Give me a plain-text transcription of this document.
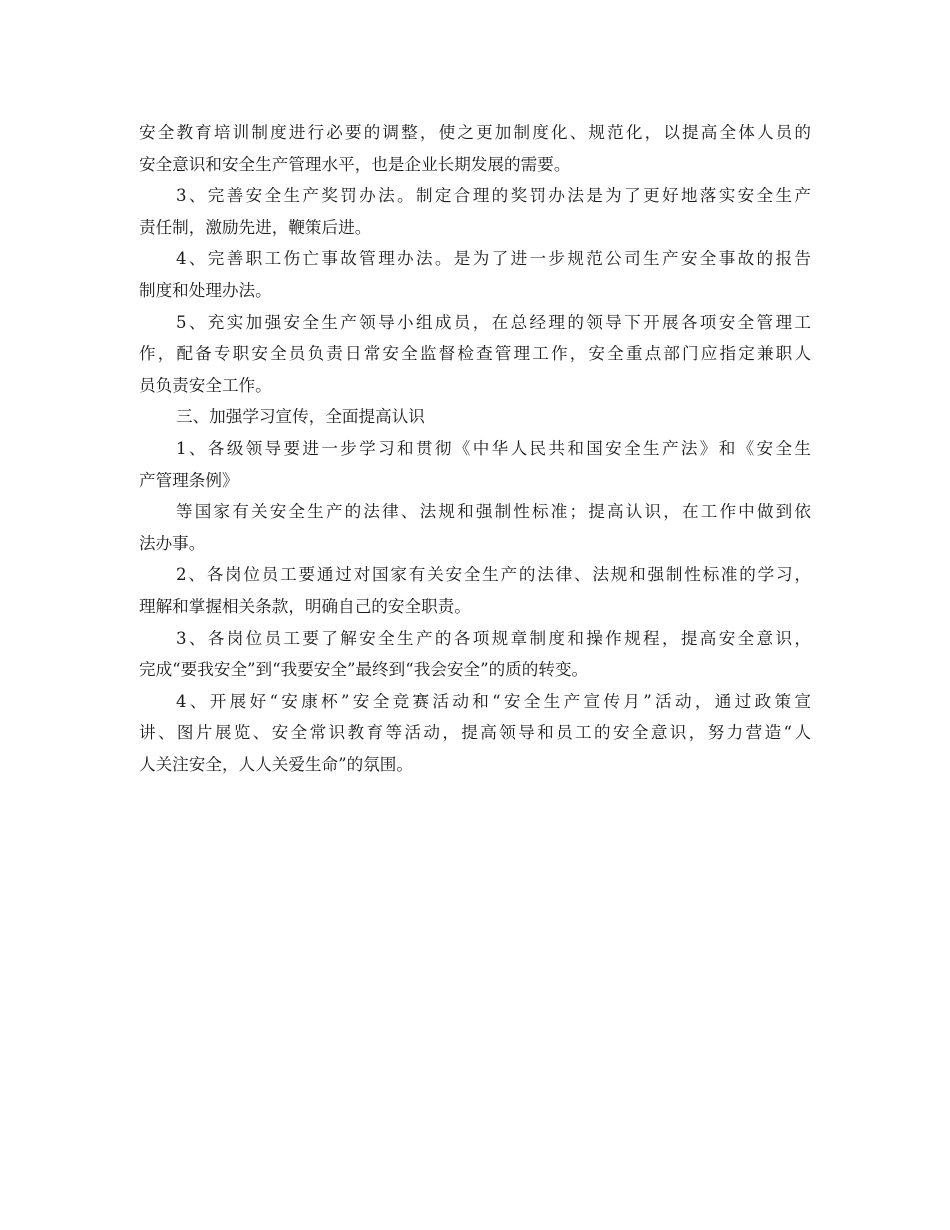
安全教育培训制度进行必要的调整，使之更加制度化、规范化，以提高全体人员的
安全意识和安全生产管理水平，也是企业长期发展的需要。
3、完善安全生产奖罚办法。制定合理的奖罚办法是为了更好地落实安全生产
责任制，激励先进，鞭策后进。
4、完善职工伤亡事故管理办法。是为了进一步规范公司生产安全事故的报告
制度和处理办法。
5、充实加强安全生产领导小组成员，在总经理的领导下开展各项安全管理工
作，配备专职安全员负责日常安全监督检查管理工作，安全重点部门应指定兼职人
员负责安全工作。
三、加强学习宣传，全面提高认识
1、各级领导要进一步学习和贯彻《中华人民共和国安全生产法》和《安全生
产管理条例》
等国家有关安全生产的法律、法规和强制性标准；提高认识，在工作中做到依
法办事。
2、各岗位员工要通过对国家有关安全生产的法律、法规和强制性标准的学习，
理解和掌握相关条款，明确自己的安全职责。
3、各岗位员工要了解安全生产的各项规章制度和操作规程，提高安全意识，
完成“要我安全”到“我要安全”最终到“我会安全”的质的转变。
4、开展好“安康杯”安全竞赛活动和“安全生产宣传月”活动，通过政策宣
讲、图片展览、安全常识教育等活动，提高领导和员工的安全意识，努力营造“人
人关注安全，人人关爱生命”的氛围。
